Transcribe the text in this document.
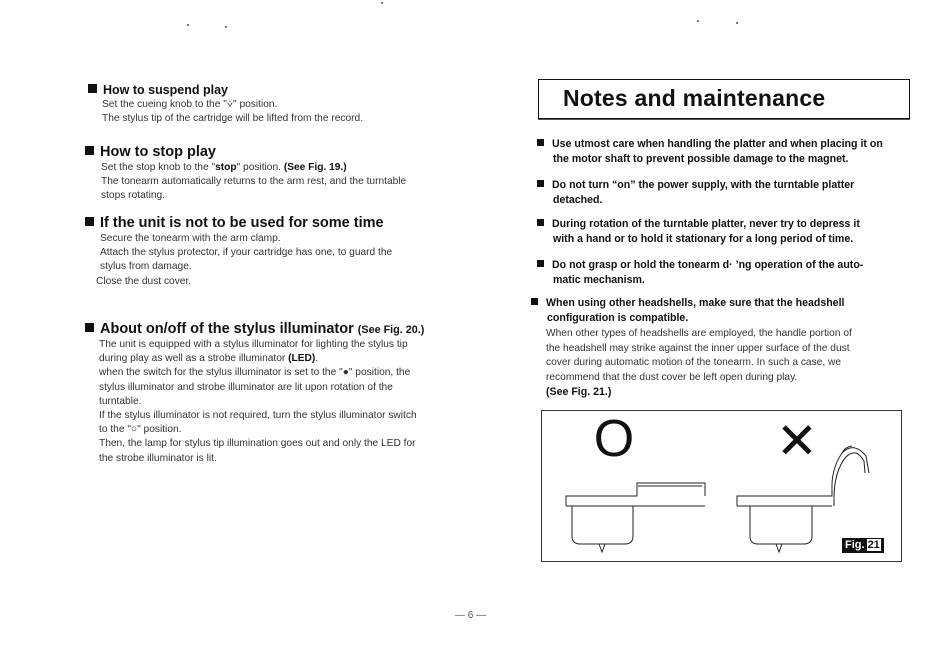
How to suspend play
Set the cueing knob to the "⩒" position.
The stylus tip of the cartridge will be lifted from the record.
How to stop play
Set the stop knob to the "stop" position. (See Fig. 19.)
The tonearm automatically returns to the arm rest, and the turntable
stops rotating.
If the unit is not to be used for some time
Secure the tonearm with the arm clamp.
Attach the stylus protector, if your cartridge has one, to guard the
stylus from damage.
Close the dust cover.
About on/off of the stylus illuminator (See Fig. 20.)
The unit is equipped with a stylus illuminator for lighting the stylus tip
during play as well as a strobe illuminator (LED).
when the switch for the stylus illuminator is set to the "●" position, the
stylus illuminator and strobe illuminator are lit upon rotation of the
turntable.
If the stylus illuminator is not required, turn the stylus illuminator switch
to the "○" position.
Then, the lamp for stylus tip illumination goes out and only the LED for
the strobe illuminator is lit.
Notes and maintenance
Use utmost care when handling the platter and when placing it on
the motor shaft to prevent possible damage to the magnet.
Do not turn “on” the power supply, with the turntable platter
detached.
During rotation of the turntable platter, never try to depress it
with a hand or to hold it stationary for a long period of time.
Do not grasp or hold the tonearm d· ’ng operation of the auto-
matic mechanism.
When using other headshells, make sure that the headshell
configuration is compatible.
When other types of headshells are employed, the handle portion of
the headshell may strike against the inner upper surface of the dust
cover during automatic motion of the tonearm. In such a case, we
recommend that the dust cover be left open during play.
(See Fig. 21.)
O	✕
Fig. 21
— 6 —
